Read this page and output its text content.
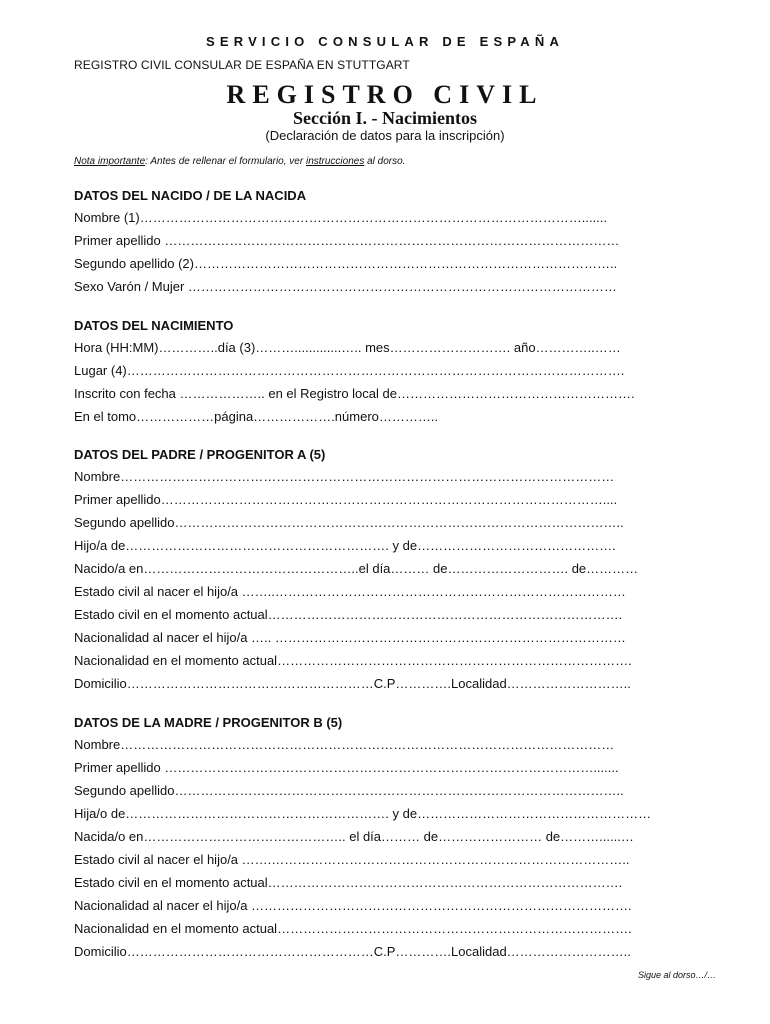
SERVICIO CONSULAR DE ESPAÑA
REGISTRO CIVIL CONSULAR DE ESPAÑA EN STUTTGART
REGISTRO CIVIL
Sección I. - Nacimientos
(Declaración de datos para la inscripción)
Nota importante: Antes de rellenar el formulario, ver instrucciones al dorso.
DATOS DEL NACIDO / DE LA NACIDA
Nombre (1)………………………………………………………………………………………….......
Primer apellido ……………………………………………………………………………………………
Segundo apellido (2)……………………………………………………………………………………..
Sexo Varón / Mujer ………………………………………………………………………………………
DATOS DEL NACIMIENTO
Hora (HH:MM)…………..día (3)……….............….. mes………………………. año…………..……
Lugar (4)…………………………………………………………………………………………………….
Inscrito con fecha ……………….. en el Registro local de……………………………………………….
En el tomo………………página……………….número…………..
DATOS DEL PADRE / PROGENITOR A (5)
Nombre……………………………………………………………………………………………………
Primer apellido…………………………………………………………………………………………....
Segundo apellido…………………………………………………………………………………………..
Hijo/a de……………………………………………………. y de……………………………………….
Nacido/a en…………………………………………..el día……… de………………………. de…………
Estado civil al nacer el hijo/a ……..………………………………………………………………………
Estado civil en el momento actual……………………………………………………………………….
Nacionalidad al nacer el hijo/a ….. ………………………………………………………………………
Nacionalidad en el momento actual……………………………………………………………………….
Domicilio…………………………………………………C.P………….Localidad………………………..
DATOS DE LA MADRE / PROGENITOR B (5)
Nombre……………………………………………………………………………………………………
Primer apellido ……………………………………………………………………………………….......
Segundo apellido…………………………………………………………………………………………..
Hija/o de……………………………………………………. y de………………………………………………
Nacida/o en……………………………………….. el día……… de…………………… de………......…
Estado civil al nacer el hijo/a …….………………………………………………………………………..
Estado civil en el momento actual……………………………………………………………………….
Nacionalidad al nacer el hijo/a …………………………………………………………………………….
Nacionalidad en el momento actual……………………………………………………………………….
Domicilio…………………………………………………C.P………….Localidad………………………..
Sigue al dorso…/…
